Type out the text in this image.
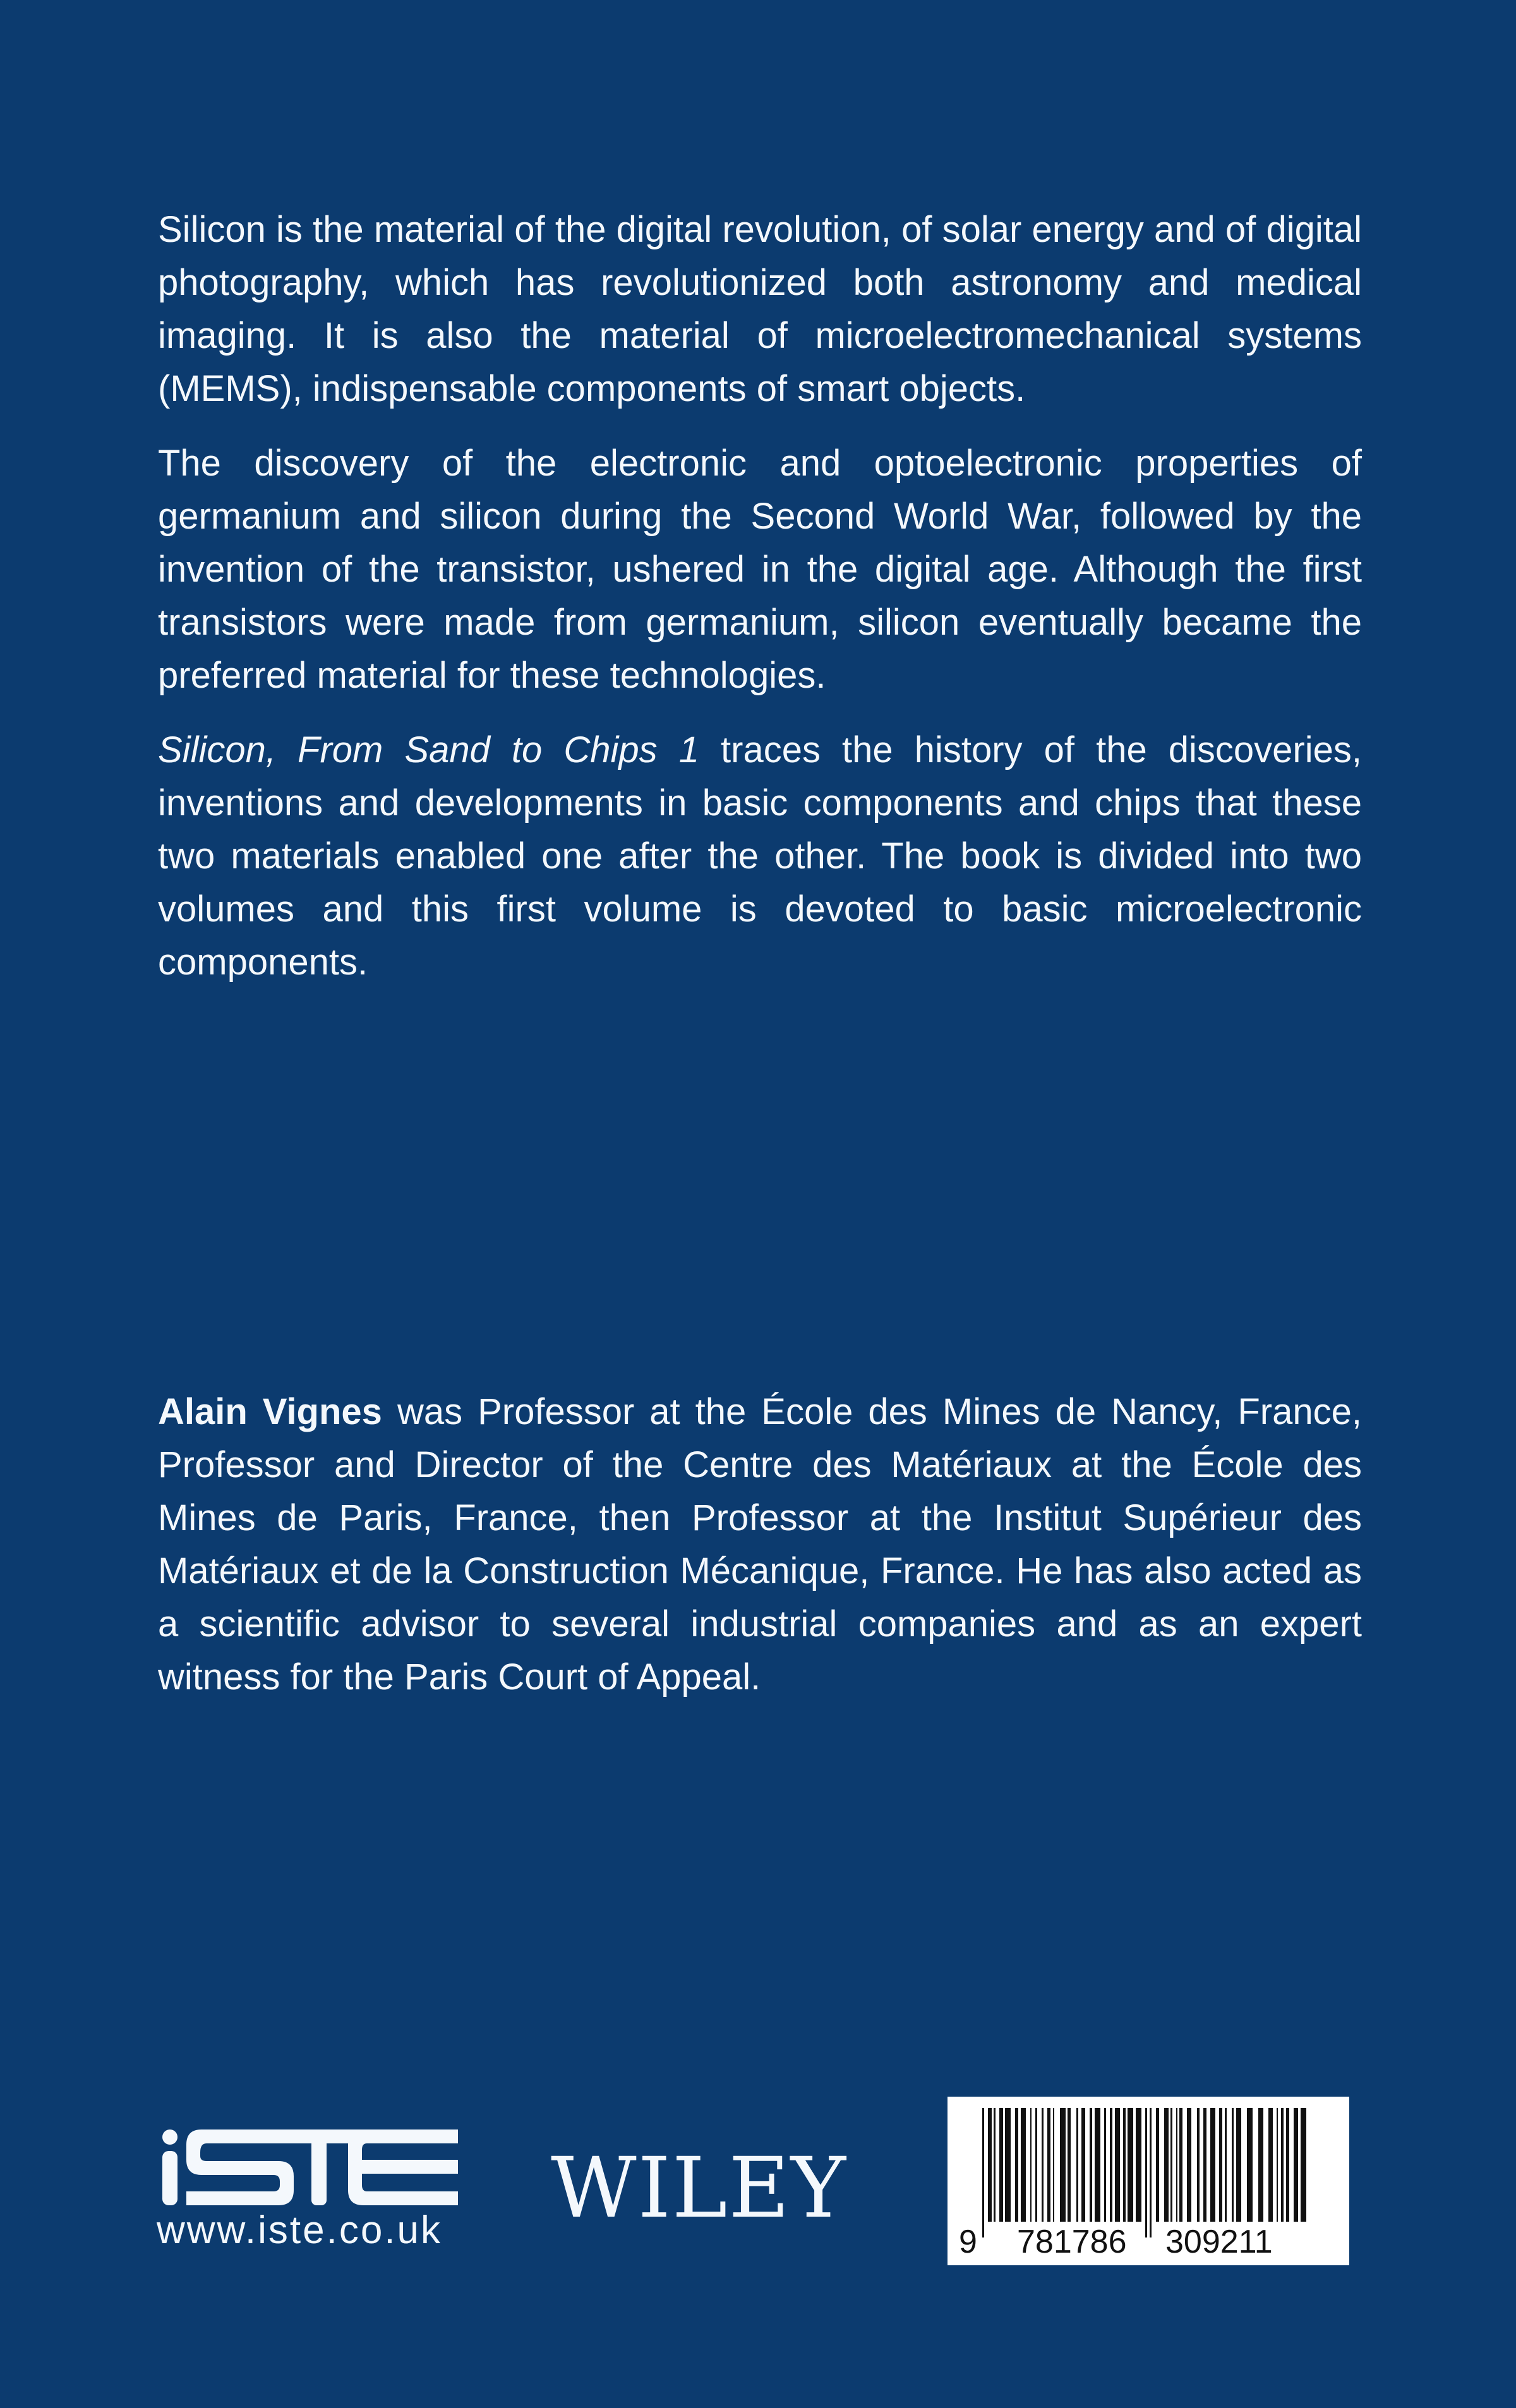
Silicon is the material of the digital revolution, of solar energy and of digital photography, which has revolutionized both astronomy and medical imaging. It is also the material of microelectromechanical systems (MEMS), indispensable components of smart objects.

The discovery of the electronic and optoelectronic properties of germanium and silicon during the Second World War, followed by the invention of the transistor, ushered in the digital age. Although the first transistors were made from germanium, silicon eventually became the preferred material for these technologies.

Silicon, From Sand to Chips 1 traces the history of the discoveries, inventions and developments in basic components and chips that these two materials enabled one after the other. The book is divided into two volumes and this first volume is devoted to basic microelectronic components.

Alain Vignes was Professor at the École des Mines de Nancy, France, Professor and Director of the Centre des Matériaux at the École des Mines de Paris, France, then Professor at the Institut Supérieur des Matériaux et de la Construction Mécanique, France. He has also acted as a scientific advisor to several industrial companies and as an expert witness for the Paris Court of Appeal.

www.iste.co.uk WILEY
9 781786 309211
